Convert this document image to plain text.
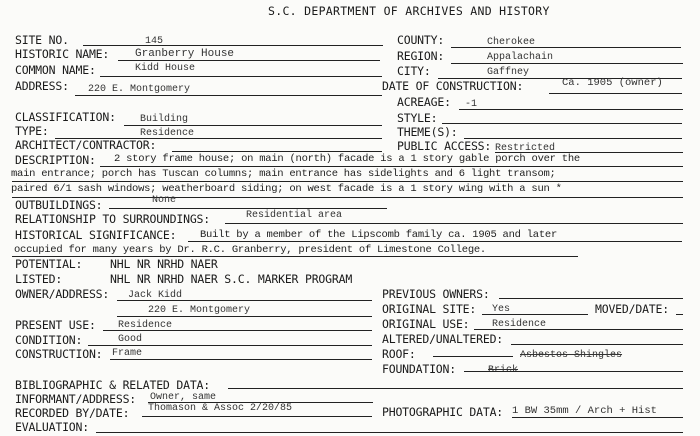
S.C. DEPARTMENT OF ARCHIVES AND HISTORY
SITE NO.	145	COUNTY:	Cherokee
HISTORIC NAME: Granberry House	REGION:	Appalachain
COMMON NAME:	Kidd House	CITY:	Gaffney
ADDRESS: 220 E. Montgomery	DATE OF CONSTRUCTION:	Ca. 1905 (owner)
ACREAGE: -1
CLASSIFICATION: Building	STYLE:
TYPE:	Residence	THEME(S):
ARCHITECT/CONTRACTOR:	PUBLIC ACCESS: Restricted
DESCRIPTION: 2 story frame house; on main (north) facade is a 1 story gable porch over the
main entrance; porch has Tuscan columns; main entrance has sidelights and 6 light transom;
paired 6/1 sash windows; weatherboard siding; on west facade is a 1 story wing with a sun *
OUTBUILDINGS:	None
RELATIONSHIP TO SURROUNDINGS:	Residential area
HISTORICAL SIGNIFICANCE: Built by a member of the Lipscomb family ca. 1905 and later
occupied for many years by Dr. R.C. Granberry, president of Limestone College.
POTENTIAL: NHL NR NRHD NAER
LISTED:	NHL NR NRHD NAER S.C. MARKER PROGRAM
OWNER/ADDRESS: Jack Kidd
220 E. Montgomery
PREVIOUS OWNERS:
ORIGINAL SITE: Yes	MOVED/DATE:
PRESENT USE: Residence	ORIGINAL USE: Residence
CONDITION:	Good	ALTERED/UNALTERED:
CONSTRUCTION: Frame	ROOF:	Asbestos Shingles
FOUNDATION:	Brick
BIBLIOGRAPHIC & RELATED DATA:
INFORMANT/ADDRESS: Owner, same
RECORDED BY/DATE: Thomason & Assoc 2/20/85	PHOTOGRAPHIC DATA: 1 BW 35mm / Arch + Hist
EVALUATION:
